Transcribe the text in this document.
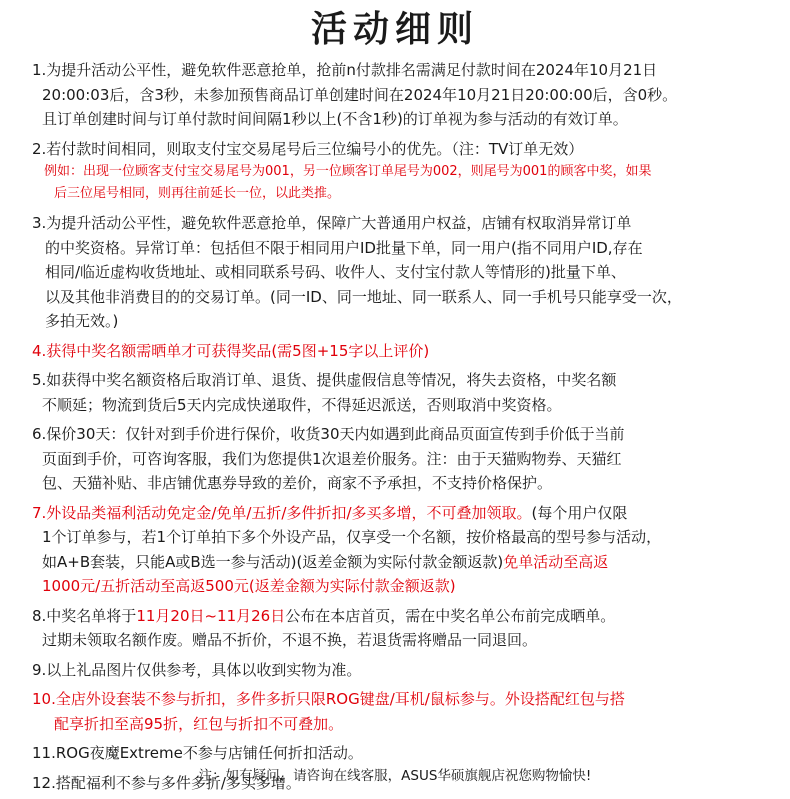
活动细则

1.为提升活动公平性，避免软件恶意抢单，抢前n付款排名需满足付款时间在2024年10月21日
20:00:03后，含3秒，未参加预售商品订单创建时间在2024年10月21日20:00:00后，含0秒。
且订单创建时间与订单付款时间间隔1秒以上(不含1秒)的订单视为参与活动的有效订单。

2.若付款时间相同，则取支付宝交易尾号后三位编号小的优先。（注：TV订单无效）

例如：出现一位顾客支付宝交易尾号为001，另一位顾客订单尾号为002，则尾号为001的顾客中奖，如果
后三位尾号相同，则再往前延长一位，以此类推。

3.为提升活动公平性，避免软件恶意抢单，保障广大普通用户权益，店铺有权取消异常订单
的中奖资格。异常订单：包括但不限于相同用户ID批量下单，同一用户(指不同用户ID,存在
相同/临近虚构收货地址、或相同联系号码、收件人、支付宝付款人等情形的)批量下单、
以及其他非消费目的的交易订单。(同一ID、同一地址、同一联系人、同一手机号只能享受一次，
多拍无效。)

4.获得中奖名额需晒单才可获得奖品(需5图+15字以上评价)

5.如获得中奖名额资格后取消订单、退货、提供虚假信息等情况，将失去资格，中奖名额
不顺延；物流到货后5天内完成快递取件，不得延迟派送，否则取消中奖资格。

6.保价30天：仅针对到手价进行保价，收货30天内如遇到此商品页面宣传到手价低于当前
页面到手价，可咨询客服，我们为您提供1次退差价服务。注：由于天猫购物券、天猫红
包、天猫补贴、非店铺优惠券导致的差价，商家不予承担，不支持价格保护。

7.外设品类福利活动免定金/免单/五折/多件折扣/多买多增，不可叠加领取。(每个用户仅限
1个订单参与，若1个订单拍下多个外设产品，仅享受一个名额，按价格最高的型号参与活动，
如A+B套装，只能A或B选一参与活动)(返差金额为实际付款金额返款)免单活动至高返
1000元/五折活动至高返500元(返差金额为实际付款金额返款)

8.中奖名单将于11月20日~11月26日公布在本店首页，需在中奖名单公布前完成晒单。
过期未领取名额作废。赠品不折价，不退不换，若退货需将赠品一同退回。

9.以上礼品图片仅供参考，具体以收到实物为准。

10.全店外设套装不参与折扣，多件多折只限ROG键盘/耳机/鼠标参与。外设搭配红包与搭
配享折扣至高95折，红包与折扣不可叠加。

11.ROG夜魔Extreme不参与店铺任何折扣活动。

12.搭配福利不参与多件多折/多买多增。

注：如有疑问，请咨询在线客服，ASUS华硕旗舰店祝您购物愉快!
